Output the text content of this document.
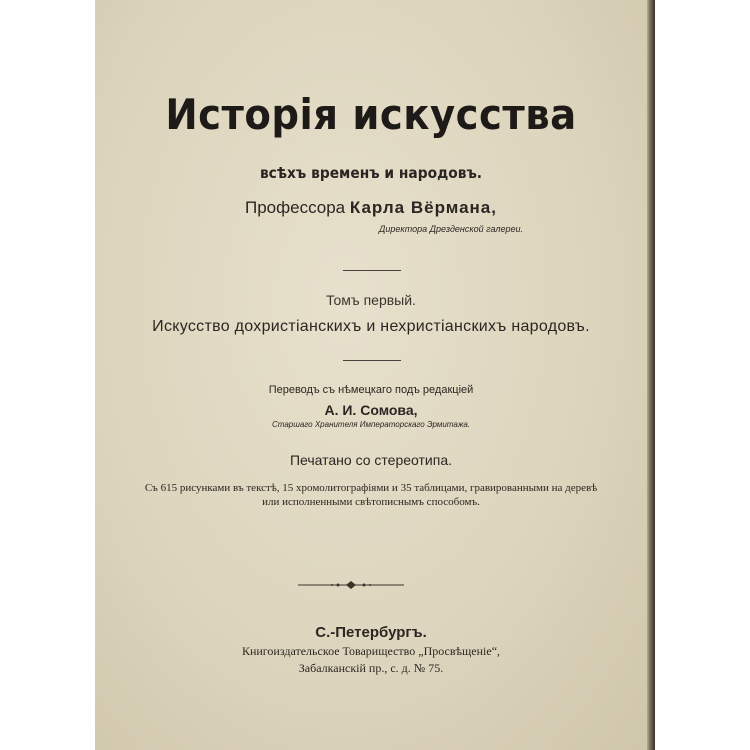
Исторія искусства
всѣхъ временъ и народовъ.
Профессора Карла Вёрмана,
Директора Дрезденской галереи.
Томъ первый.
Искусство дохристіанскихъ и нехристіанскихъ народовъ.
Переводъ съ нѣмецкаго подъ редакціей
А. И. Сомова,
Старшаго Хранителя Императорскаго Эрмитажа.
Печатано со стереотипа.
Съ 615 рисунками въ текстѣ, 15 хромолитографіями и 35 таблицами, гравированными на деревѣ
или исполненными свѣтописнымъ способомъ.
С.-Петербургъ.
Книгоиздательское Товарищество „Просвѣщеніе“,
Забалканскій пр., с. д. № 75.
